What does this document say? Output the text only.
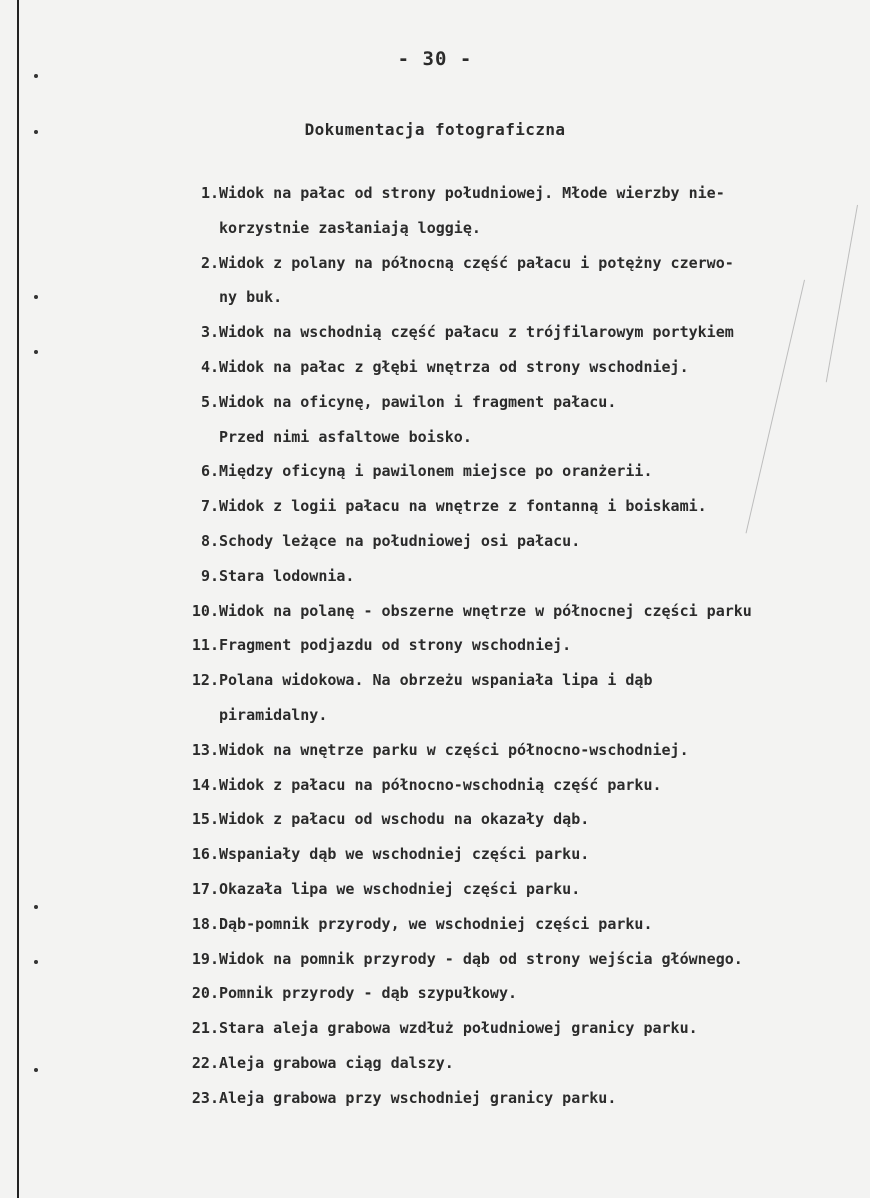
- 30 -
Dokumentacja fotograficzna
1. Widok na pałac od strony południowej. Młode wierzby nie-
korzystnie zasłaniają loggię.
2. Widok z polany na północną część pałacu i potężny czerwo-
ny buk.
3. Widok na wschodnią część pałacu z trójfilarowym portykiem
4. Widok na pałac z głębi wnętrza od strony wschodniej.
5. Widok na oficynę, pawilon i fragment pałacu.
Przed nimi asfaltowe boisko.
6. Między oficyną i pawilonem miejsce po oranżerii.
7. Widok z logii pałacu na wnętrze z fontanną i boiskami.
8. Schody leżące na południowej osi pałacu.
9. Stara lodownia.
10. Widok na polanę - obszerne wnętrze w północnej części parku
11. Fragment podjazdu od strony wschodniej.
12. Polana widokowa. Na obrzeżu wspaniała lipa i dąb
piramidalny.
13. Widok na wnętrze parku w części północno-wschodniej.
14. Widok z pałacu na północno-wschodnią część parku.
15. Widok z pałacu od wschodu na okazały dąb.
16. Wspaniały dąb we wschodniej części parku.
17. Okazała lipa we wschodniej części parku.
18. Dąb-pomnik przyrody, we wschodniej części parku.
19. Widok na pomnik przyrody - dąb od strony wejścia głównego.
20. Pomnik przyrody - dąb szypułkowy.
21. Stara aleja grabowa wzdłuż południowej granicy parku.
22. Aleja grabowa ciąg dalszy.
23. Aleja grabowa przy wschodniej granicy parku.
